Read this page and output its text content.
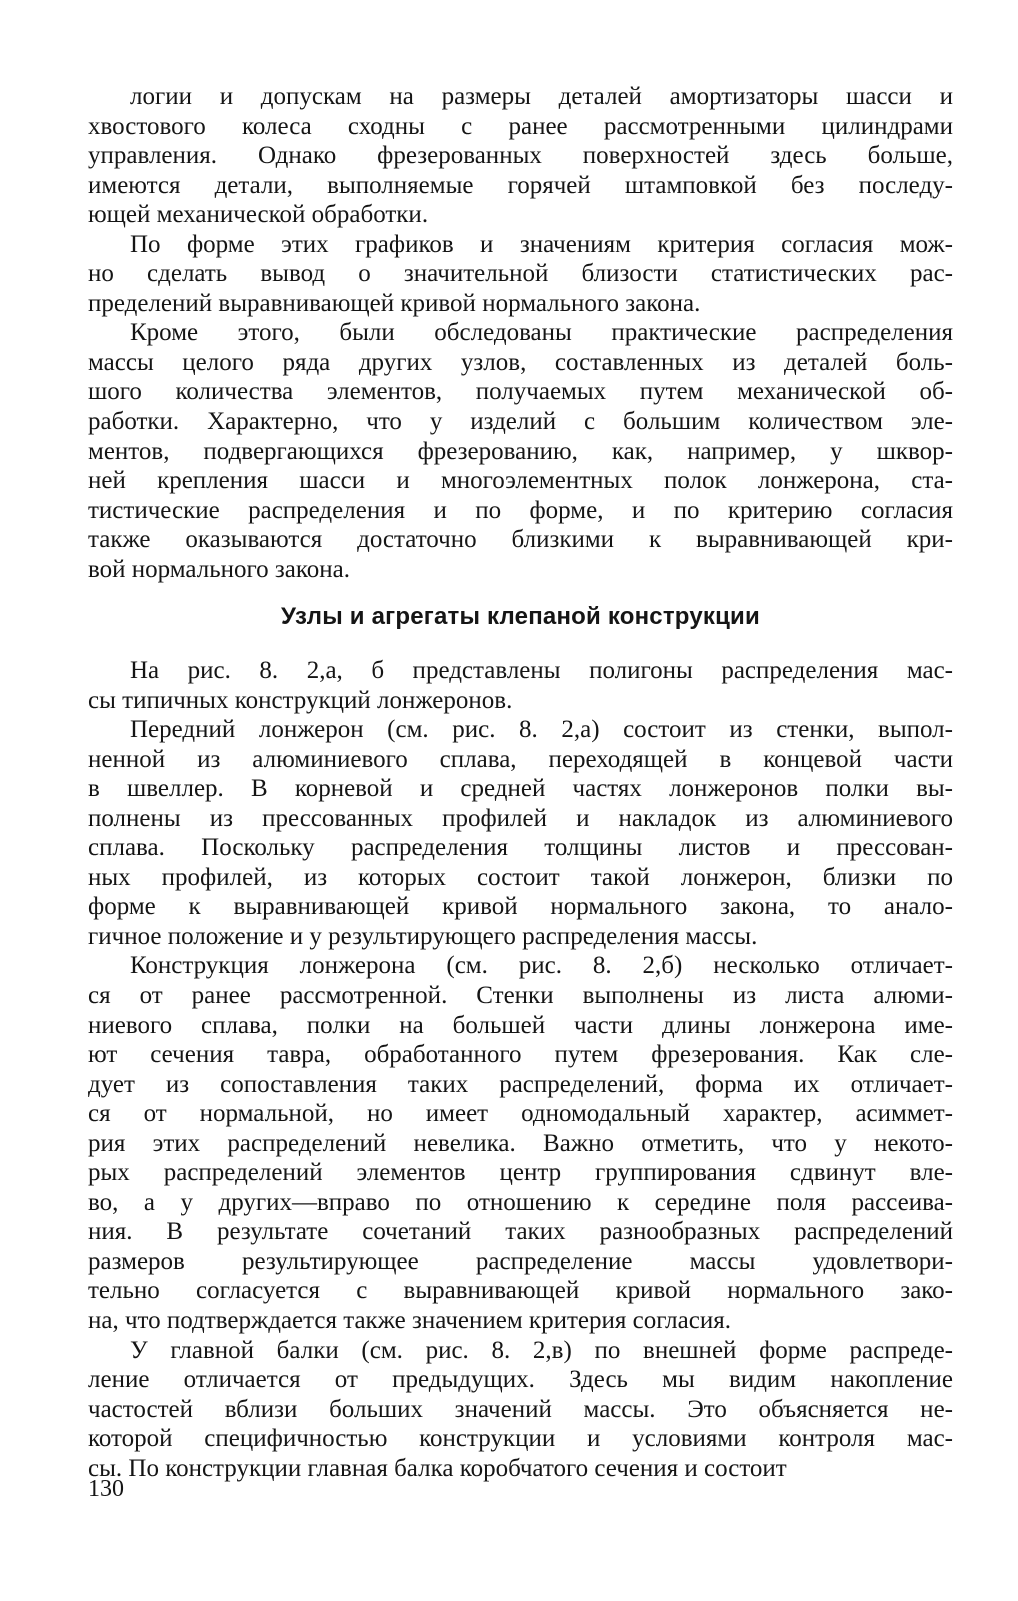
логии и допускам на размеры деталей амортизаторы шасси и
хвостового колеса сходны с ранее рассмотренными цилиндрами
управления. Однако фрезерованных поверхностей здесь больше,
имеются детали, выполняемые горячей штамповкой без последу-
ющей механической обработки.
По форме этих графиков и значениям критерия согласия мож-
но сделать вывод о значительной близости статистических рас-
пределений выравнивающей кривой нормального закона.
Кроме этого, были обследованы практические распределения
массы целого ряда других узлов, составленных из деталей боль-
шого количества элементов, получаемых путем механической об-
работки. Характерно, что у изделий с большим количеством эле-
ментов, подвергающихся фрезерованию, как, например, у шквор-
ней крепления шасси и многоэлементных полок лонжерона, ста-
тистические распределения и по форме, и по критерию согласия
также оказываются достаточно близкими к выравнивающей кри-
вой нормального закона.
Узлы и агрегаты клепаной конструкции
На рис. 8. 2,а, б представлены полигоны распределения мас-
сы типичных конструкций лонжеронов.
Передний лонжерон (см. рис. 8. 2,а) состоит из стенки, выпол-
ненной из алюминиевого сплава, переходящей в концевой части
в швеллер. В корневой и средней частях лонжеронов полки вы-
полнены из прессованных профилей и накладок из алюминиевого
сплава. Поскольку распределения толщины листов и прессован-
ных профилей, из которых состоит такой лонжерон, близки по
форме к выравнивающей кривой нормального закона, то анало-
гичное положение и у результирующего распределения массы.
Конструкция лонжерона (см. рис. 8. 2,б) несколько отличает-
ся от ранее рассмотренной. Стенки выполнены из листа алюми-
ниевого сплава, полки на большей части длины лонжерона име-
ют сечения тавра, обработанного путем фрезерования. Как сле-
дует из сопоставления таких распределений, форма их отличает-
ся от нормальной, но имеет одномодальный характер, асиммет-
рия этих распределений невелика. Важно отметить, что у некото-
рых распределений элементов центр группирования сдвинут вле-
во, а у других—вправо по отношению к середине поля рассеива-
ния. В результате сочетаний таких разнообразных распределений
размеров результирующее распределение массы удовлетвори-
тельно согласуется с выравнивающей кривой нормального зако-
на, что подтверждается также значением критерия согласия.
У главной балки (см. рис. 8. 2,в) по внешней форме распреде-
ление отличается от предыдущих. Здесь мы видим накопление
частостей вблизи больших значений массы. Это объясняется не-
которой специфичностью конструкции и условиями контроля мас-
сы. По конструкции главная балка коробчатого сечения и состоит
130
